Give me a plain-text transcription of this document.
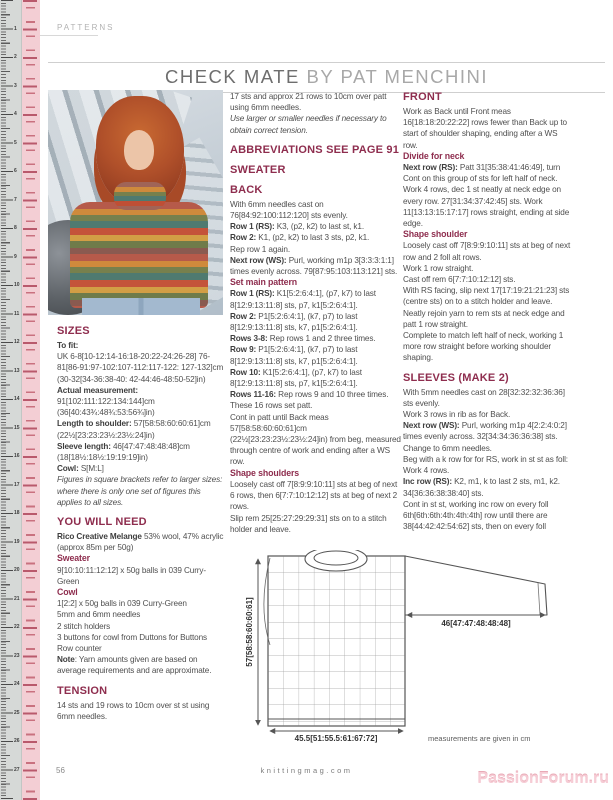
1
2
3
4
5
6
7
8
9
10
11
12
13
14
15
16
17
18
19
20
21
22
23
24
25
26
27
PATTERNS
CHECK MATE BY PAT MENCHINI
SIZES
To fit:
UK 6-8[10-12:14-16:18-20:22-24:26-28] 76-81[86-91:97-102:107-112:117-122: 127-132]cm (30-32[34-36:38-40: 42-44:46-48:50-52]in)
Actual measurement:
91[102:111:122:134:144]cm (36[40:43¾:48¾:53:56¾]in)
Length to shoulder: 57[58:58:60:60:61]cm (22½[23:23:23½:23½:24]in)
Sleeve length: 46[47:47:48:48:48]cm (18[18½:18½:19:19:19]in)
Cowl: S[M:L]
Figures in square brackets refer to larger sizes: where there is only one set of figures this applies to all sizes.
YOU WILL NEED
Rico Creative Melange 53% wool, 47% acrylic (approx 85m per 50g)
Sweater
9[10:10:11:12:12] x 50g balls in 039 Curry-Green
Cowl
1[2:2] x 50g balls in 039 Curry-Green
5mm and 6mm needles
2 stitch holders
3 buttons for cowl from Duttons for Buttons
Row counter
Note: Yarn amounts given are based on average requirements and are approximate.
TENSION
14 sts and 19 rows to 10cm over st st using 6mm needles.
17 sts and approx 21 rows to 10cm over patt using 6mm needles.
Use larger or smaller needles if necessary to obtain correct tension.
ABBREVIATIONS SEE PAGE 91
SWEATER
BACK
With 6mm needles cast on 76[84:92:100:112:120] sts evenly.
Row 1 (RS): K3, (p2, k2) to last st, k1.
Row 2: K1, (p2, k2) to last 3 sts, p2, k1.
Rep row 1 again.
Next row (WS): Purl, working m1p 3[3:3:3:1:1] times evenly across. 79[87:95:103:113:121] sts.
Set main pattern
Row 1 (RS): K1[5:2:6:4:1], (p7, k7) to last 8[12:9:13:11:8] sts, p7, k1[5:2:6:4:1].
Row 2: P1[5:2:6:4:1], (k7, p7) to last 8[12:9:13:11:8] sts, k7, p1[5:2:6:4:1].
Rows 3-8: Rep rows 1 and 2 three times.
Row 9: P1[5:2:6:4:1], (k7, p7) to last 8[12:9:13:11:8] sts, k7, p1[5:2:6:4:1].
Row 10: K1[5:2:6:4:1], (p7, k7) to last 8[12:9:13:11:8] sts, p7, k1[5:2:6:4:1].
Rows 11-16: Rep rows 9 and 10 three times.
These 16 rows set patt.
Cont in patt until Back meas 57[58:58:60:60:61]cm (22½[23:23:23½:23½:24]in) from beg, measured through centre of work and ending after a WS row.
Shape shoulders
Loosely cast off 7[8:9:9:10:11] sts at beg of next 6 rows, then 6[7:7:10:12:12] sts at beg of next 2 rows.
Slip rem 25[25:27:29:29:31] sts on to a stitch holder and leave.
FRONT
Work as Back until Front meas 16[18:18:20:22:22] rows fewer than Back up to start of shoulder shaping, ending after a WS row.
Divide for neck
Next row (RS): Patt 31[35:38:41:46:49], turn
Cont on this group of sts for left half of neck. Work 4 rows, dec 1 st neatly at neck edge on every row. 27[31:34:37:42:45] sts. Work 11[13:13:15:17:17] rows straight, ending at side edge.
Shape shoulder
Loosely cast off 7[8:9:9:10:11] sts at beg of next row and 2 foll alt rows.
Work 1 row straight.
Cast off rem 6[7:7:10:12:12] sts.
With RS facing, slip next 17[17:19:21:21:23] sts (centre sts) on to a stitch holder and leave.
Neatly rejoin yarn to rem sts at neck edge and patt 1 row straight.
Complete to match left half of neck, working 1 more row straight before working shoulder shaping.
SLEEVES (MAKE 2)
With 5mm needles cast on 28[32:32:32:36:36] sts evenly.
Work 3 rows in rib as for Back.
Next row (WS): Purl, working m1p 4[2:2:4:0:2] times evenly across. 32[34:34:36:36:38] sts.
Change to 6mm needles.
Beg with a k row for for RS, work in st st as foll: Work 4 rows.
Inc row (RS): K2, m1, k to last 2 sts, m1, k2. 34[36:36:38:38:40] sts.
Cont in st st, working inc row on every foll 6th[6th:6th:4th:4th:4th] row until there are 38[44:42:42:54:62] sts, then on every foll
57[58:58:60:60:61]
45.5[51:55.5:61:67:72]
46[47:47:48:48:48]
measurements are given in cm
56	knittingmag.com	PassionForum.ru
